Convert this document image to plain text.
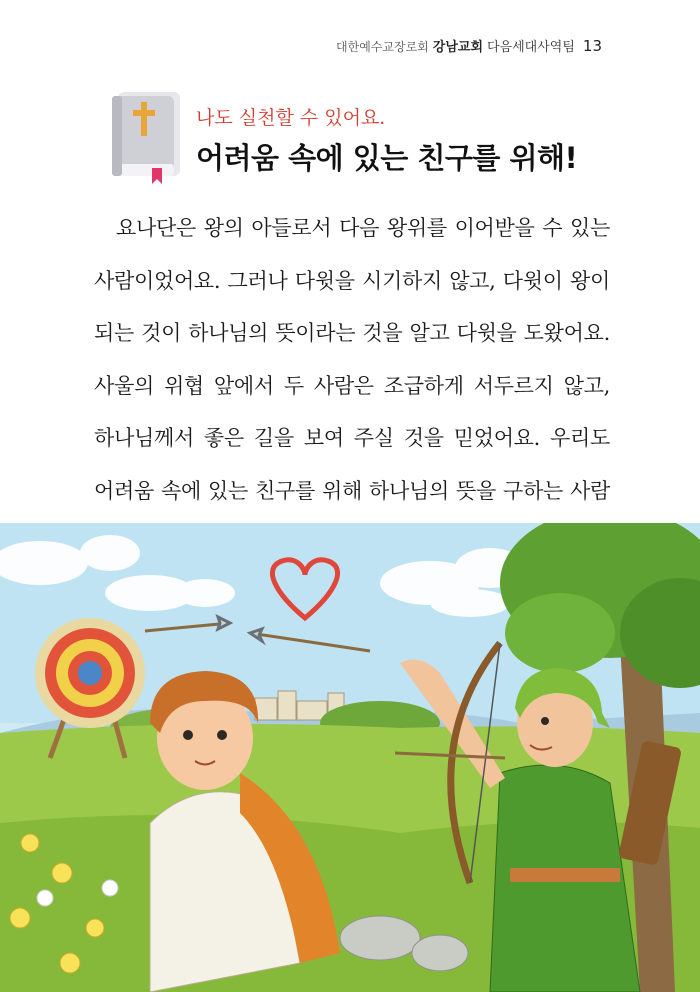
대한예수교장로회 강남교회 다음세대사역팀 13
나도 실천할 수 있어요.
어려움 속에 있는 친구를 위해!

요나단은 왕의 아들로서 다음 왕위를 이어받을 수 있는 사람이었어요. 그러나 다윗을 시기하지 않고, 다윗이 왕이 되는 것이 하나님의 뜻이라는 것을 알고 다윗을 도왔어요. 사울의 위협 앞에서 두 사람은 조급하게 서두르지 않고, 하나님께서 좋은 길을 보여 주실 것을 믿었어요. 우리도 어려움 속에 있는 친구를 위해 하나님의 뜻을 구하는 사람
